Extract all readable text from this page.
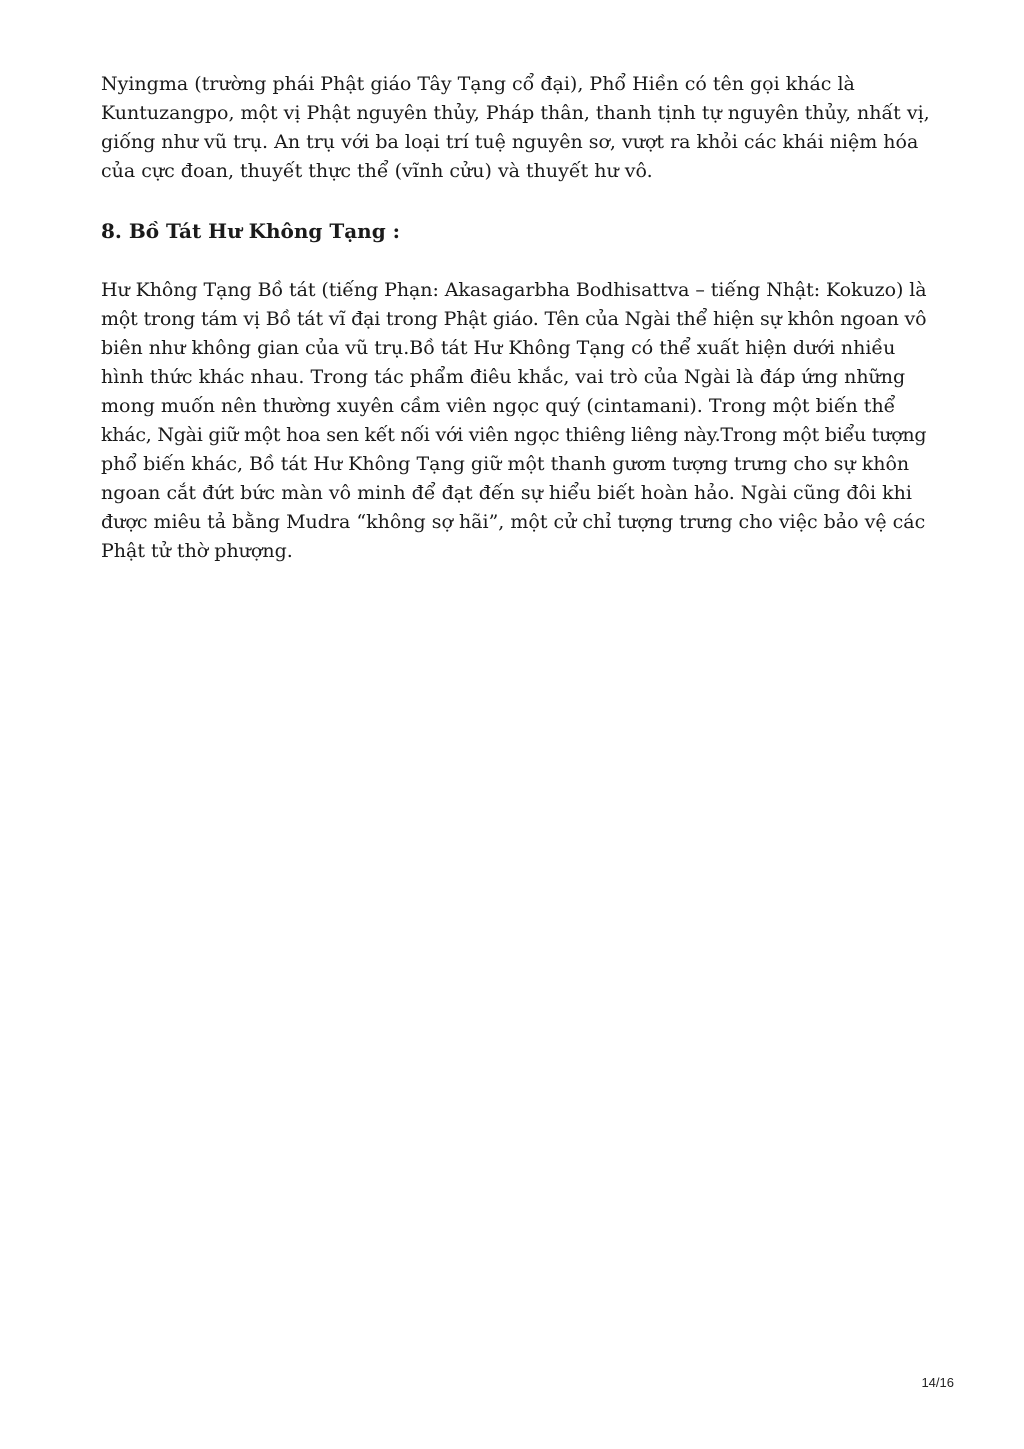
Nyingma (trường phái Phật giáo Tây Tạng cổ đại), Phổ Hiền có tên gọi khác là
Kuntuzangpo, một vị Phật nguyên thủy, Pháp thân, thanh tịnh tự nguyên thủy, nhất vị,
giống như vũ trụ. An trụ với ba loại trí tuệ nguyên sơ, vượt ra khỏi các khái niệm hóa
của cực đoan, thuyết thực thể (vĩnh cửu) và thuyết hư vô.
8. Bồ Tát Hư Không Tạng :
Hư Không Tạng Bồ tát (tiếng Phạn: Akasagarbha Bodhisattva – tiếng Nhật: Kokuzo) là
một trong tám vị Bồ tát vĩ đại trong Phật giáo. Tên của Ngài thể hiện sự khôn ngoan vô
biên như không gian của vũ trụ.Bồ tát Hư Không Tạng có thể xuất hiện dưới nhiều
hình thức khác nhau. Trong tác phẩm điêu khắc, vai trò của Ngài là đáp ứng những
mong muốn nên thường xuyên cầm viên ngọc quý (cintamani). Trong một biến thể
khác, Ngài giữ một hoa sen kết nối với viên ngọc thiêng liêng này.Trong một biểu tượng
phổ biến khác, Bồ tát Hư Không Tạng giữ một thanh gươm tượng trưng cho sự khôn
ngoan cắt đứt bức màn vô minh để đạt đến sự hiểu biết hoàn hảo. Ngài cũng đôi khi
được miêu tả bằng Mudra “không sợ hãi”, một cử chỉ tượng trưng cho việc bảo vệ các
Phật tử thờ phượng.
14/16
